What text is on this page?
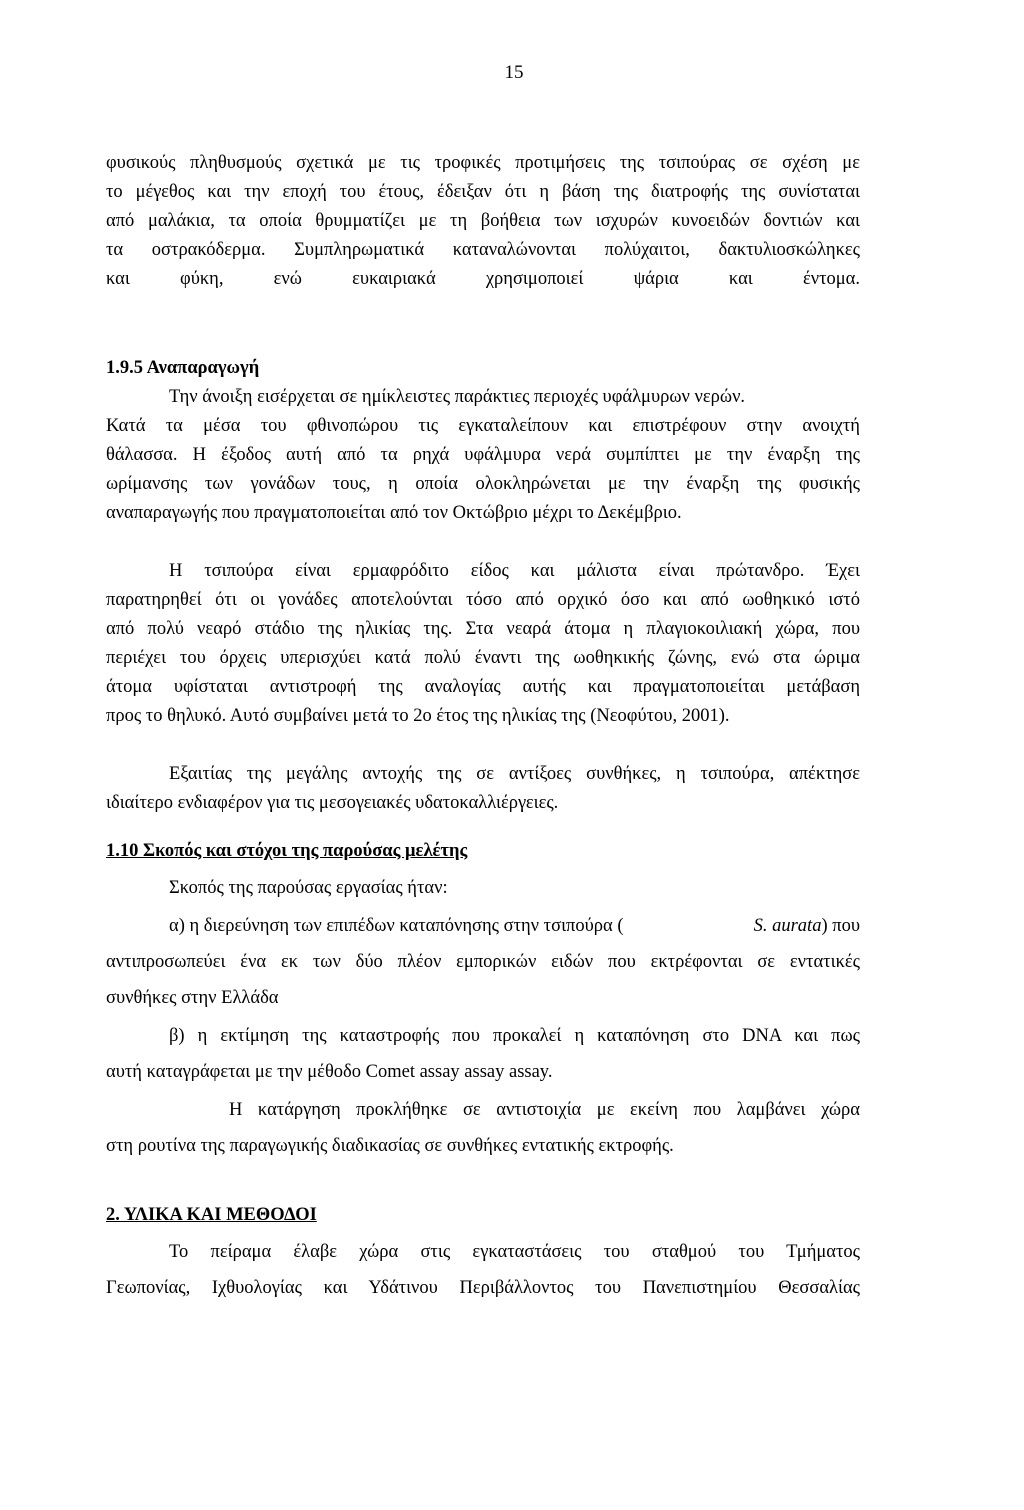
15
φυσικούς πληθυσμούς σχετικά με τις τροφικές προτιμήσεις της τσιπούρας σε σχέση με
το μέγεθος και την εποχή του έτους, έδειξαν ότι η βάση της διατροφής της συνίσταται
από μαλάκια, τα οποία θρυμματίζει με τη βοήθεια των ισχυρών κυνοειδών δοντιών και
τα οστρακόδερμα. Συμπληρωματικά καταναλώνονται πολύχαιτοι, δακτυλιοσκώληκες
και φύκη, ενώ ευκαιριακά χρησιμοποιεί ψάρια και έντομα.
1.9.5 Αναπαραγωγή
Την άνοιξη εισέρχεται σε ημίκλειστες παράκτιες περιοχές υφάλμυρων νερών.
Κατά τα μέσα του φθινοπώρου τις εγκαταλείπουν και επιστρέφουν στην ανοιχτή
θάλασσα. Η έξοδος αυτή από τα ρηχά υφάλμυρα νερά συμπίπτει με την έναρξη της
ωρίμανσης των γονάδων τους, η οποία ολοκληρώνεται με την έναρξη της φυσικής
αναπαραγωγής που πραγματοποιείται από τον Οκτώβριο μέχρι το Δεκέμβριο.
Η τσιπούρα είναι ερμαφρόδιτο είδος και μάλιστα είναι πρώτανδρο. Έχει
παρατηρηθεί ότι οι γονάδες αποτελούνται τόσο από ορχικό όσο και από ωοθηκικό ιστό
από πολύ νεαρό στάδιο της ηλικίας της. Στα νεαρά άτομα η πλαγιοκοιλιακή χώρα, που
περιέχει του όρχεις υπερισχύει κατά πολύ έναντι της ωοθηκικής ζώνης, ενώ στα ώριμα
άτομα υφίσταται αντιστροφή της αναλογίας αυτής και πραγματοποιείται μετάβαση
προς το θηλυκό. Αυτό συμβαίνει μετά το 2ο έτος της ηλικίας της (Νεοφύτου, 2001).
Εξαιτίας της μεγάλης αντοχής της σε αντίξοες συνθήκες, η τσιπούρα, απέκτησε
ιδιαίτερο ενδιαφέρον για τις μεσογειακές υδατοκαλλιέργειες.
1.10 Σκοπός και στόχοι της παρούσας μελέτης
Σκοπός της παρούσας εργασίας ήταν:
α) η διερεύνηση των επιπέδων καταπόνησης στην τσιπούρα (	S. aurata ) που
αντιπροσωπεύει ένα εκ των δύο πλέον εμπορικών ειδών που εκτρέφονται σε εντατικές
συνθήκες στην Ελλάδα
β) η εκτίμηση της καταστροφής που προκαλεί η καταπόνηση στο DNA και πως
αυτή καταγράφεται με την μέθοδο Comet assay assay assay.
Η κατάργηση προκλήθηκε σε αντιστοιχία με εκείνη που λαμβάνει χώρα
στη ρουτίνα της παραγωγικής διαδικασίας σε συνθήκες εντατικής εκτροφής.
2. ΥΛΙΚΑ ΚΑΙ ΜΕΘΟΔΟΙ
Το πείραμα έλαβε χώρα στις εγκαταστάσεις του σταθμού του Τμήματος
Γεωπονίας, Ιχθυολογίας και Υδάτινου Περιβάλλοντος του Πανεπιστημίου Θεσσαλίας
